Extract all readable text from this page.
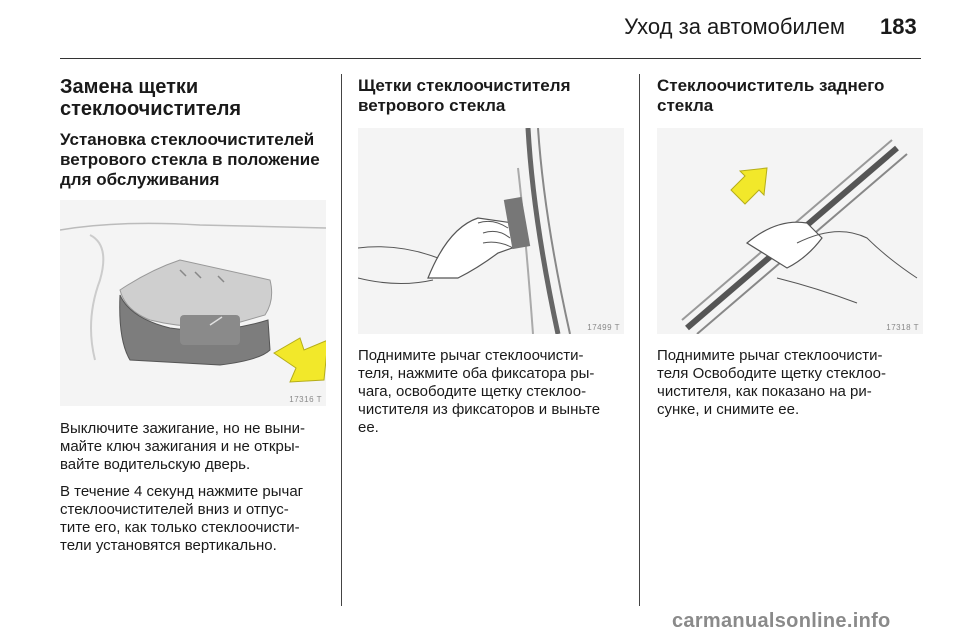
Уход за автомобилем 183
Замена щетки
стеклоочистителя
Установка стеклоочистителей
ветрового стекла в положение
для обслуживания
17316 T

Выключите зажигание, но не выни-
майте ключ зажигания и не откры-
вайте водительскую дверь.

В течение 4 секунд нажмите рычаг
стеклоочистителей вниз и отпус-
тите его, как только стеклоочисти-
тели установятся вертикально.

Щетки стеклоочистителя
ветрового стекла
17499 T

Поднимите рычаг стеклоочисти-
теля, нажмите оба фиксатора ры-
чага, освободите щетку стеклоо-
чистителя из фиксаторов и выньте
ее.

Стеклоочиститель заднего
стекла
17318 T

Поднимите рычаг стеклоочисти-
теля Освободите щетку стеклоо-
чистителя, как показано на ри-
сунке, и снимите ее.

carmanualsonline.info
